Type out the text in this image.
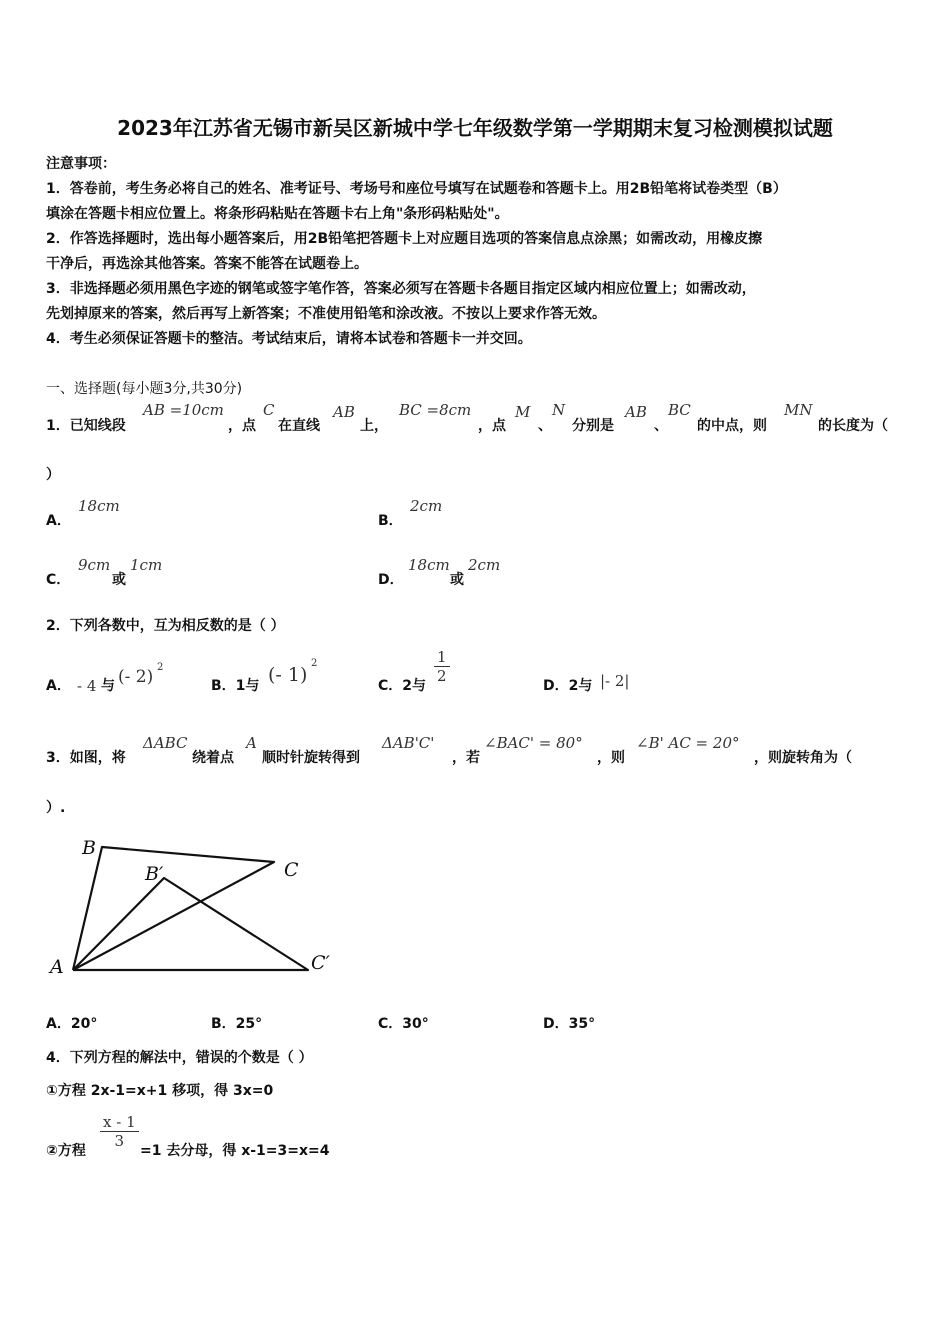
2023年江苏省无锡市新吴区新城中学七年级数学第一学期期末复习检测模拟试题
注意事项：
1．答卷前，考生务必将自己的姓名、准考证号、考场号和座位号填写在试题卷和答题卡上。用2B铅笔将试卷类型（B）
填涂在答题卡相应位置上。将条形码粘贴在答题卡右上角"条形码粘贴处"。
2．作答选择题时，选出每小题答案后，用2B铅笔把答题卡上对应题目选项的答案信息点涂黑；如需改动，用橡皮擦
干净后，再选涂其他答案。答案不能答在试题卷上。
3．非选择题必须用黑色字迹的钢笔或签字笔作答，答案必须写在答题卡各题目指定区域内相应位置上；如需改动，
先划掉原来的答案，然后再写上新答案；不准使用铅笔和涂改液。不按以上要求作答无效。
4．考生必须保证答题卡的整洁。考试结束后，请将本试卷和答题卡一并交回。
一、选择题(每小题3分,共30分)
1．已知线段
AB =10cm
，点
C
在直线
AB
上，
BC =8cm
，点
M
、
N
分别是
AB
、
BC
的中点，则
MN
的长度为（
）
A．
18cm
B．
2cm
C．
9cm
或
1cm
D．
18cm
或
2cm
2．下列各数中，互为相反数的是（ ）
A． - 4 与 (- 2) 2
B．1与 (- 1)
2
C．2与
$\frac{1}{2}$
D．2与 |- 2|
3．如图，将
ΔABC
绕着点
A
顺时针旋转得到
ΔAB'C'
，若
∠BAC' = 80°
，则
∠B' AC = 20°
，则旋转角为（
）.
B
C
B′
A	C′
A．20°	B．25°	C．30°	D．35°
4．下列方程的解法中，错误的个数是（ ）
①方程 2x-1=x+1 移项，得 3x=0
②方程
$\frac{x - 1}{3}$
=1 去分母，得 x-1=3=x=4
